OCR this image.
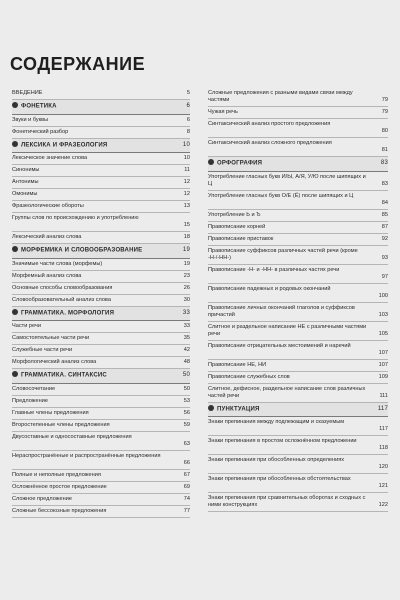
СОДЕРЖАНИЕ
ВВЕДЕНИЕ	5
ФОНЕТИКА	6
Звуки и буквы	6
Фонетический разбор	8
ЛЕКСИКА И ФРАЗЕОЛОГИЯ	10
Лексическое значение слова	10
Синонимы	11
Антонимы	12
Омонимы	12
Фразеологические обороты	13
Группы слов по происхождению и употреблению
15
Лексический анализ слова	18
МОРФЕМИКА И СЛОВООБРАЗОВАНИЕ	19
Значимые части слова (морфемы)	19
Морфемный анализ слова	23
Основные способы словообразования	26
Словообразовательный анализ слова	30
ГРАММАТИКА. МОРФОЛОГИЯ	33
Части речи	33
Самостоятельные части речи	35
Служебные части речи	42
Морфологический анализ слова	48
ГРАММАТИКА. СИНТАКСИС	50
Словосочетание	50
Предложение	53
Главные члены предложения	56
Второстепенные члены предложения	59
Двусоставные и односоставные предложения
63
Нераспространённые и распространённые предложения
66
Полные и неполные предложения	67
Осложнённое простое предложение	69
Сложное предложение	74
Сложные бессоюзные предложения	77
Сложные предложения с разными видами связи между частями	79
Чужая речь	79
Синтаксический анализ простого предложения
80
Синтаксический анализ сложного предложения
81
ОРФОГРАФИЯ	83
Употребление гласных букв И/Ы, А/Я, У/Ю после шипящих и Ц	83
Употребление гласных букв О/Е (Ё) после шипящих и Ц
84
Употребление Ь и Ъ	85
Правописание корней	87
Правописание приставок	92
Правописание суффиксов различных частей речи (кроме -Н-/-НН-)	93
Правописание -Н- и -НН- в различных частях речи
97
Правописание падежных и родовых окончаний
100
Правописание личных окончаний глаголов и суффиксов причастий	103
Слитное и раздельное написание НЕ с различными частями речи	105
Правописание отрицательных местоимений и наречий
107
Правописание НЕ, НИ	107
Правописание служебных слов	109
Слитное, дефисное, раздельное написание слов различных частей речи	111
ПУНКТУАЦИЯ	117
Знаки препинания между подлежащим и сказуемым
117
Знаки препинания в простом осложнённом предложении
118
Знаки препинания при обособленных определениях
120
Знаки препинания при обособленных обстоятельствах
121
Знаки препинания при сравнительных оборотах и сходных с ними конструкциях	122
